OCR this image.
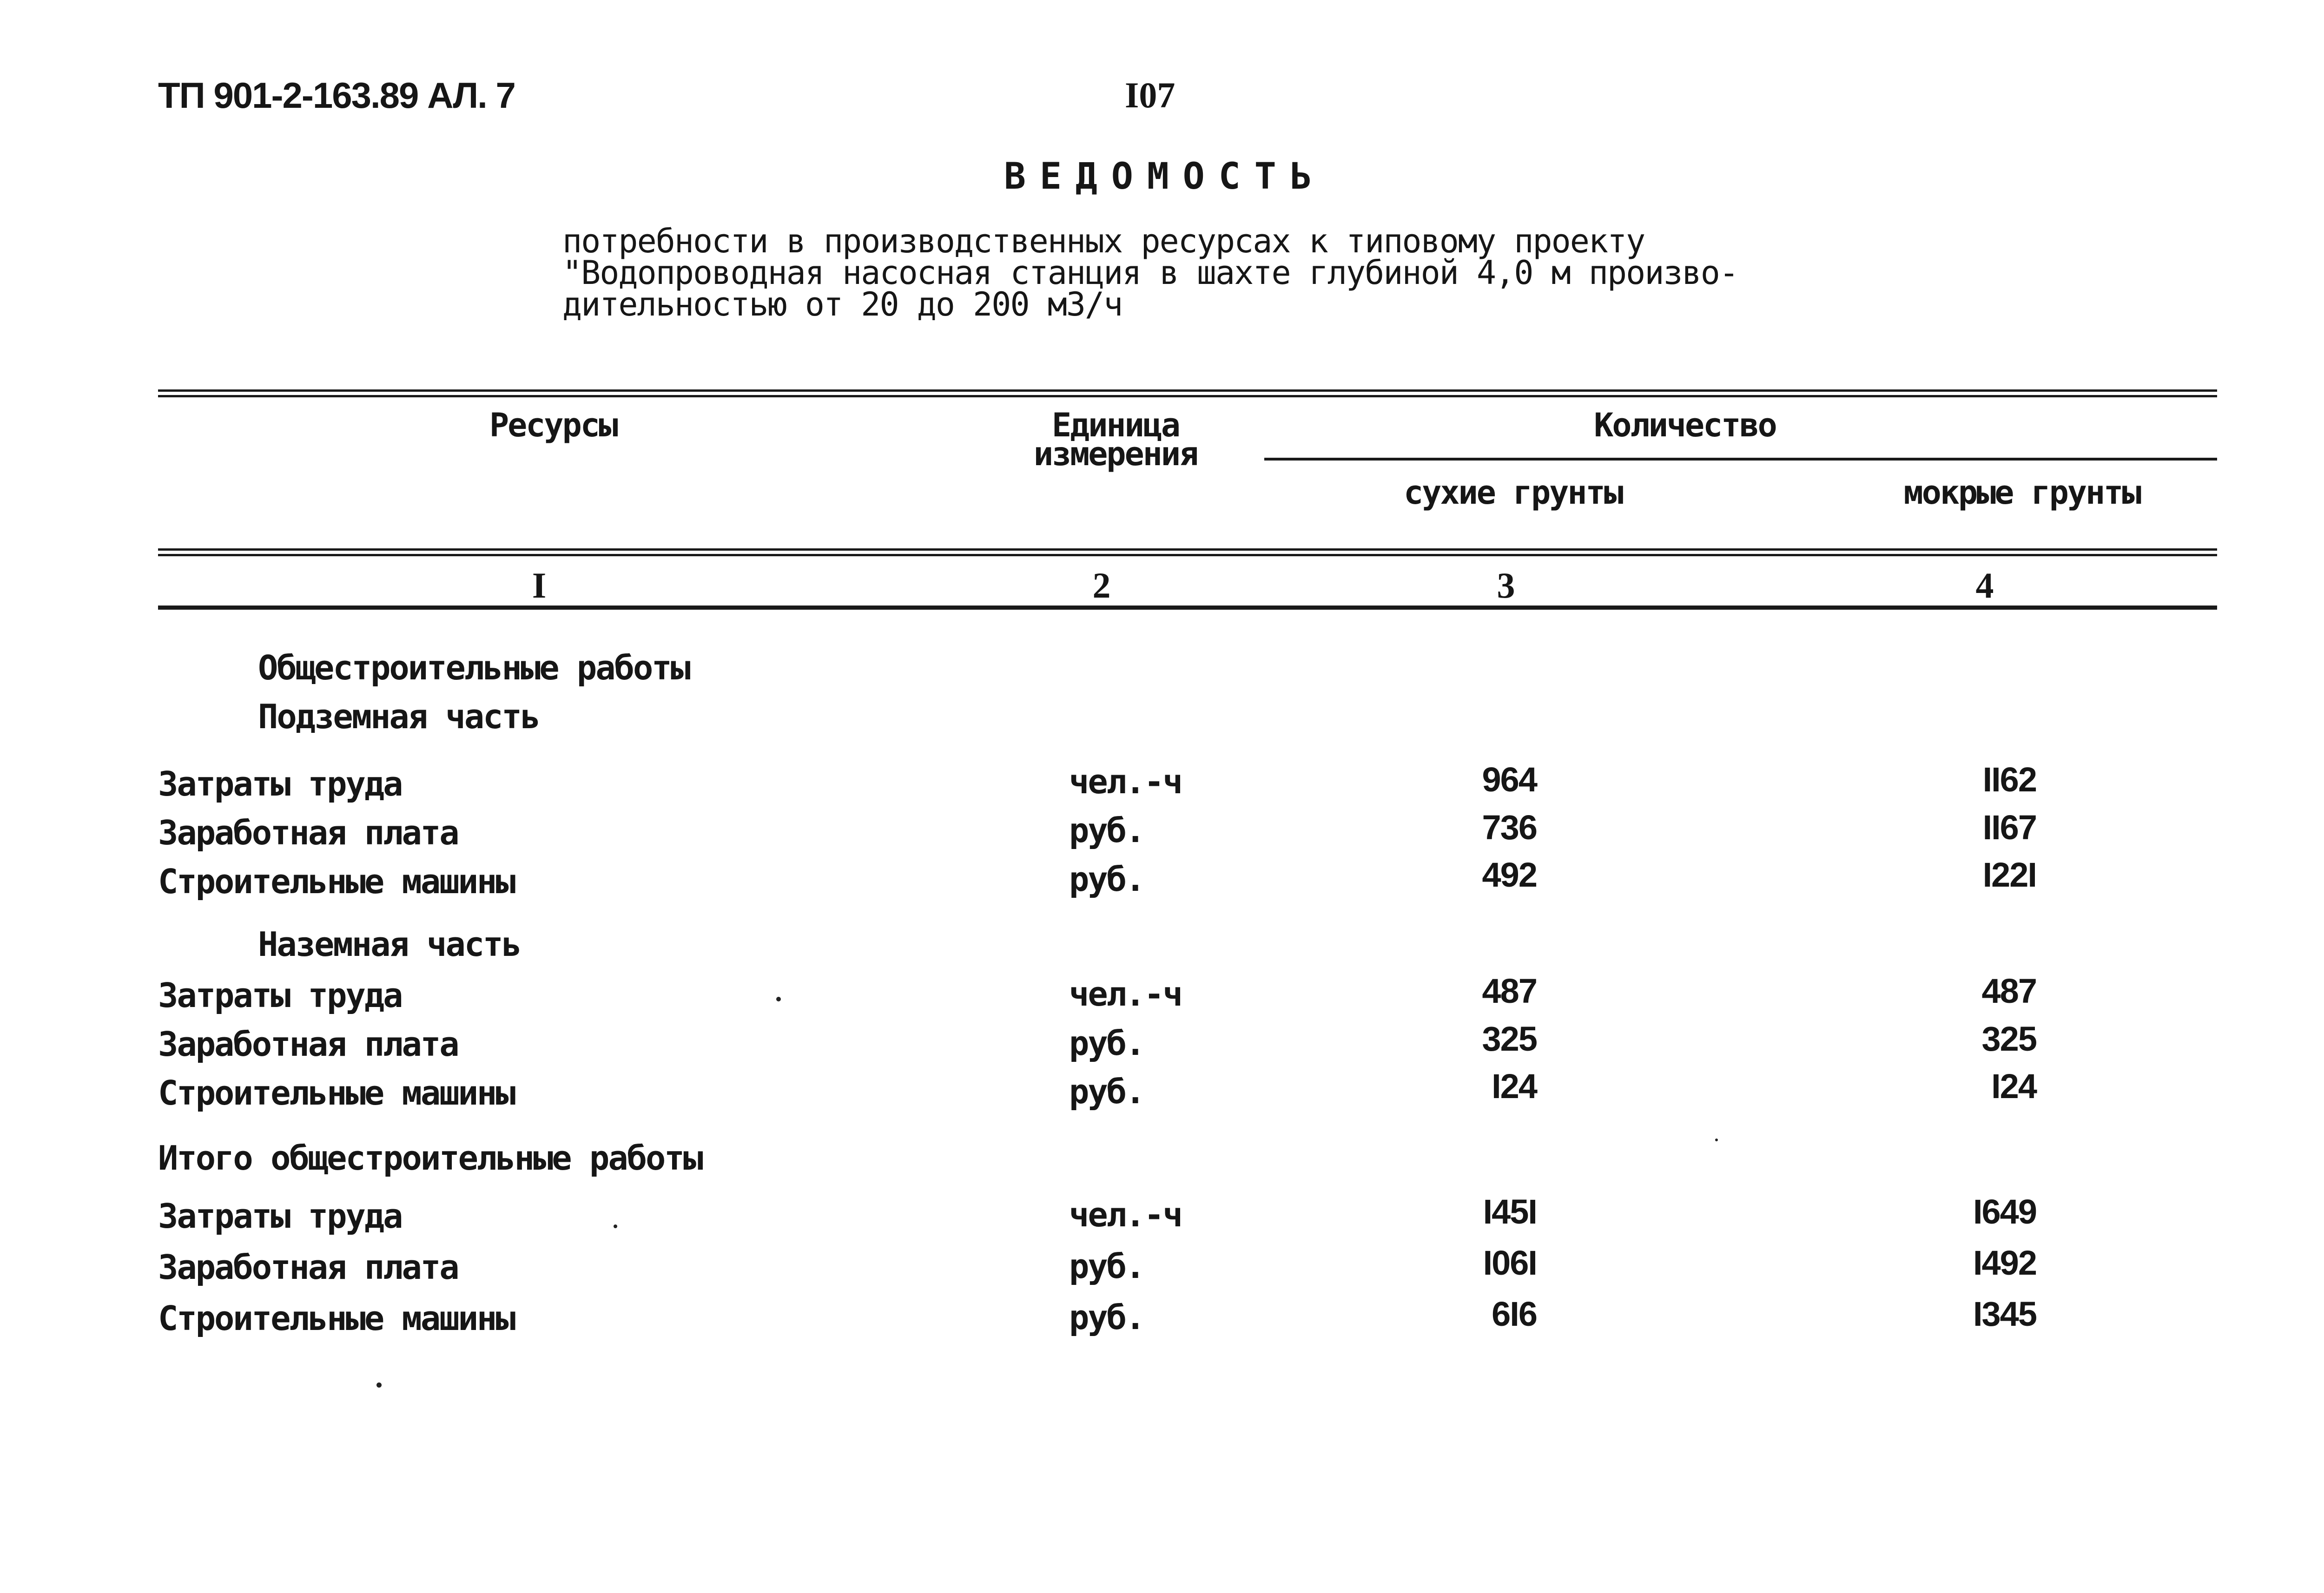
ТП 901-2-163.89 АЛ. 7	I07
ВЕДОМОСТЬ
потребности в производственных ресурсах к типовому проекту
"Водопроводная насосная станция в шахте глубиной 4,0 м произво-
дительностью от 20 до 200 м3/ч
Ресурсы	Единица
измерения
Количество
сухие грунты	мокрые грунты
I	2	3	4
Общестроительные работы
Подземная часть
Затраты труда	чел.-ч	964	II62
Заработная плата	руб.	736	II67
Строительные машины	руб.	492	I22I
Наземная часть
Затраты труда	чел.-ч	487	487
Заработная плата	руб.	325	325
Строительные машины	руб.	I24	I24
Итого общестроительные работы
Затраты труда	чел.-ч	I45I	I649
Заработная плата	руб.	I06I	I492
Строительные машины	руб.	6I6	I345
